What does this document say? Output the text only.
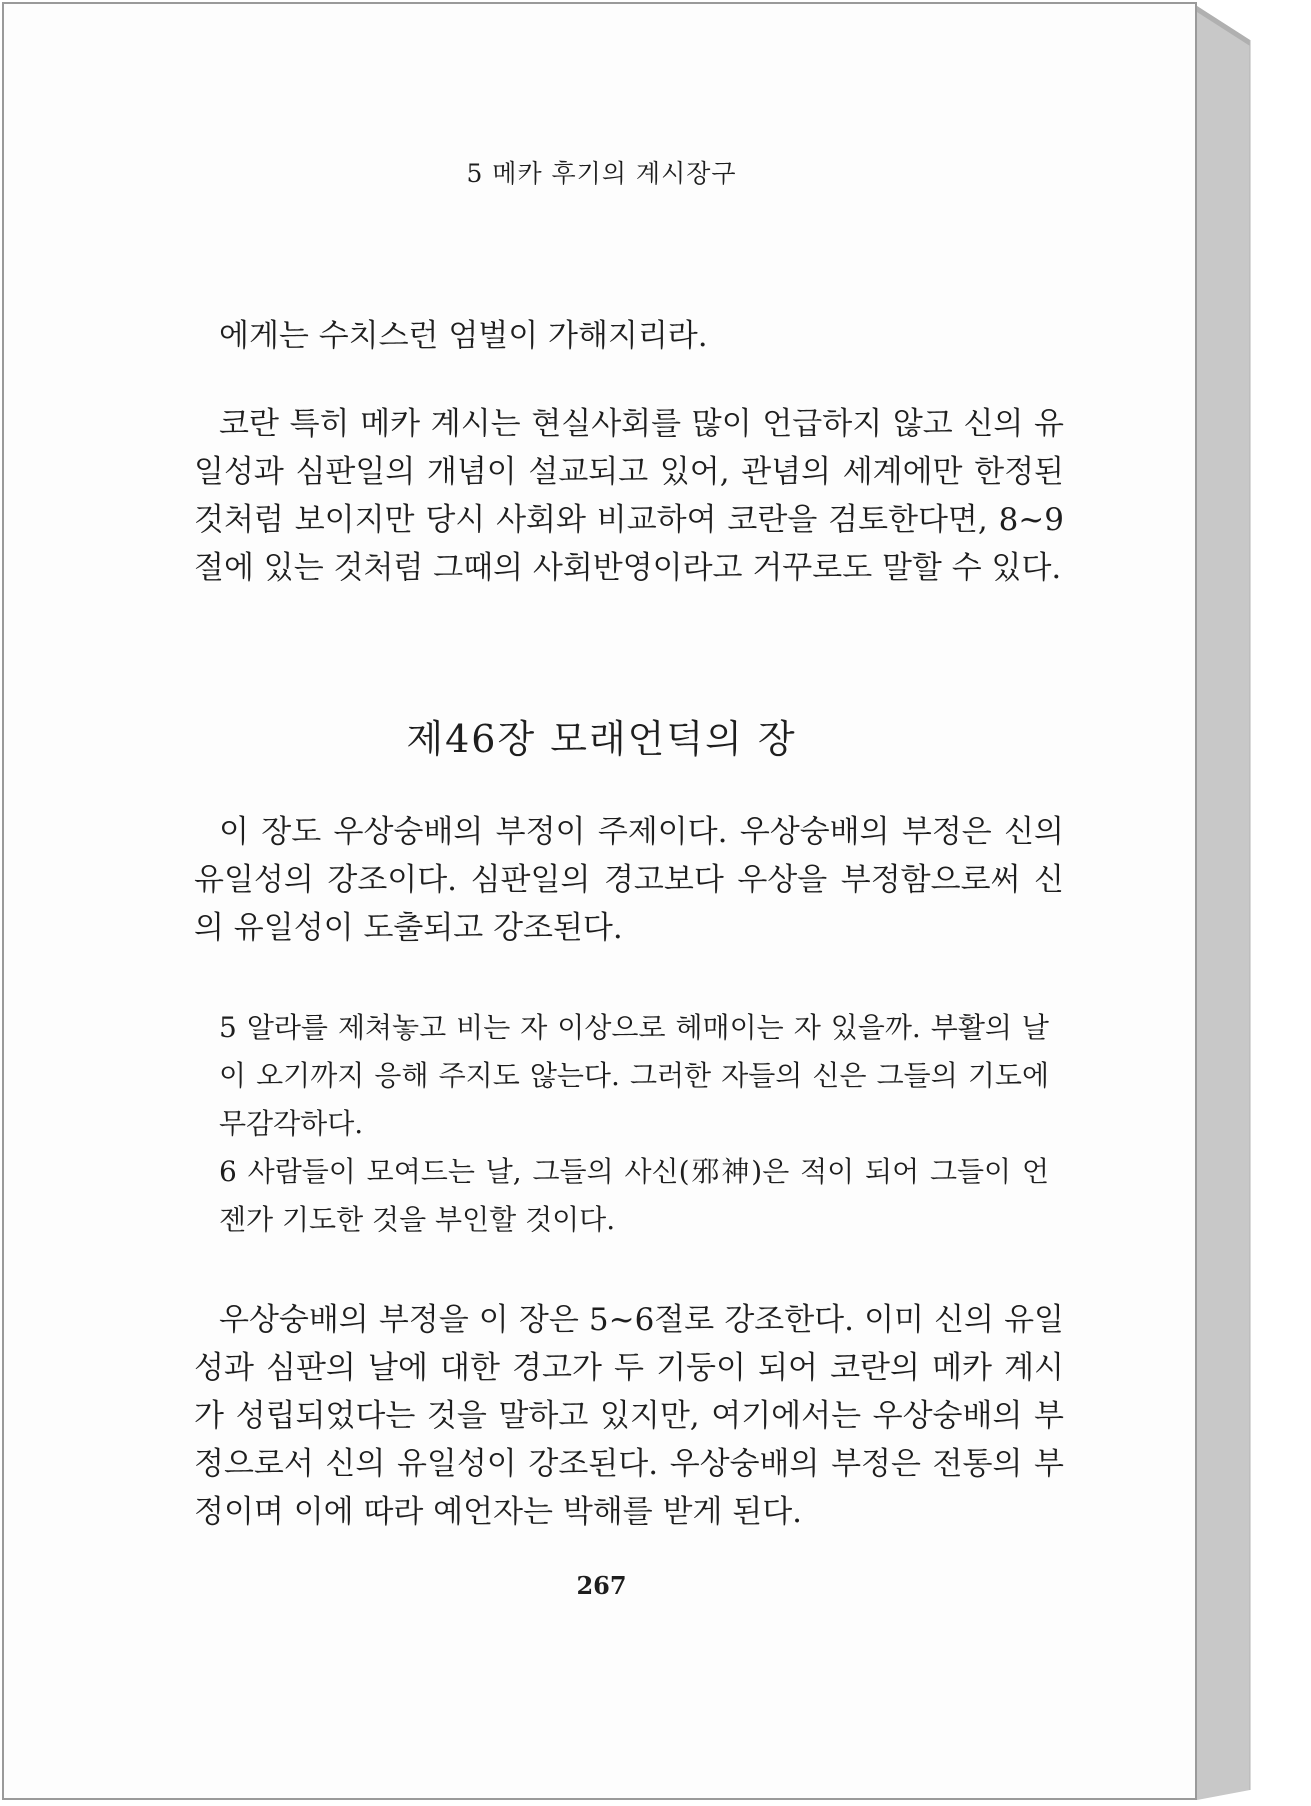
5 메카 후기의 계시장구

에게는 수치스런 엄벌이 가해지리라.

코란 특히 메카 계시는 현실사회를 많이 언급하지 않고 신의 유일성과 심판일의 개념이 설교되고 있어, 관념의 세계에만 한정된 것처럼 보이지만 당시 사회와 비교하여 코란을 검토한다면, 8~9절에 있는 것처럼 그때의 사회반영이라고 거꾸로도 말할 수 있다.

제46장 모래언덕의 장

이 장도 우상숭배의 부정이 주제이다. 우상숭배의 부정은 신의 유일성의 강조이다. 심판일의 경고보다 우상을 부정함으로써 신의 유일성이 도출되고 강조된다.

5 알라를 제쳐놓고 비는 자 이상으로 헤매이는 자 있을까. 부활의 날이 오기까지 응해 주지도 않는다. 그러한 자들의 신은 그들의 기도에 무감각하다.

6 사람들이 모여드는 날, 그들의 사신(邪神)은 적이 되어 그들이 언젠가 기도한 것을 부인할 것이다.

우상숭배의 부정을 이 장은 5~6절로 강조한다. 이미 신의 유일성과 심판의 날에 대한 경고가 두 기둥이 되어 코란의 메카 계시가 성립되었다는 것을 말하고 있지만, 여기에서는 우상숭배의 부정으로서 신의 유일성이 강조된다. 우상숭배의 부정은 전통의 부정이며 이에 따라 예언자는 박해를 받게 된다.

267
